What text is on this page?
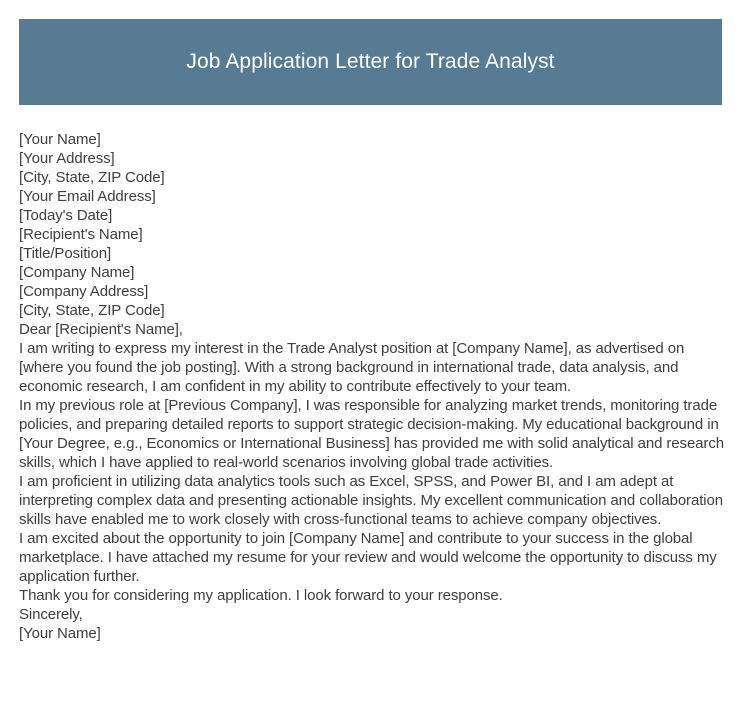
Job Application Letter for Trade Analyst
[Your Name]
[Your Address]
[City, State, ZIP Code]
[Your Email Address]
[Today's Date]
[Recipient's Name]
[Title/Position]
[Company Name]
[Company Address]
[City, State, ZIP Code]
Dear [Recipient's Name],

I am writing to express my interest in the Trade Analyst position at [Company Name], as advertised on [where you found the job posting]. With a strong background in international trade, data analysis, and economic research, I am confident in my ability to contribute effectively to your team.

In my previous role at [Previous Company], I was responsible for analyzing market trends, monitoring trade policies, and preparing detailed reports to support strategic decision-making. My educational background in [Your Degree, e.g., Economics or International Business] has provided me with solid analytical and research skills, which I have applied to real-world scenarios involving global trade activities.

I am proficient in utilizing data analytics tools such as Excel, SPSS, and Power BI, and I am adept at interpreting complex data and presenting actionable insights. My excellent communication and collaboration skills have enabled me to work closely with cross-functional teams to achieve company objectives.

I am excited about the opportunity to join [Company Name] and contribute to your success in the global marketplace. I have attached my resume for your review and would welcome the opportunity to discuss my application further.

Thank you for considering my application. I look forward to your response.

Sincerely,
[Your Name]
